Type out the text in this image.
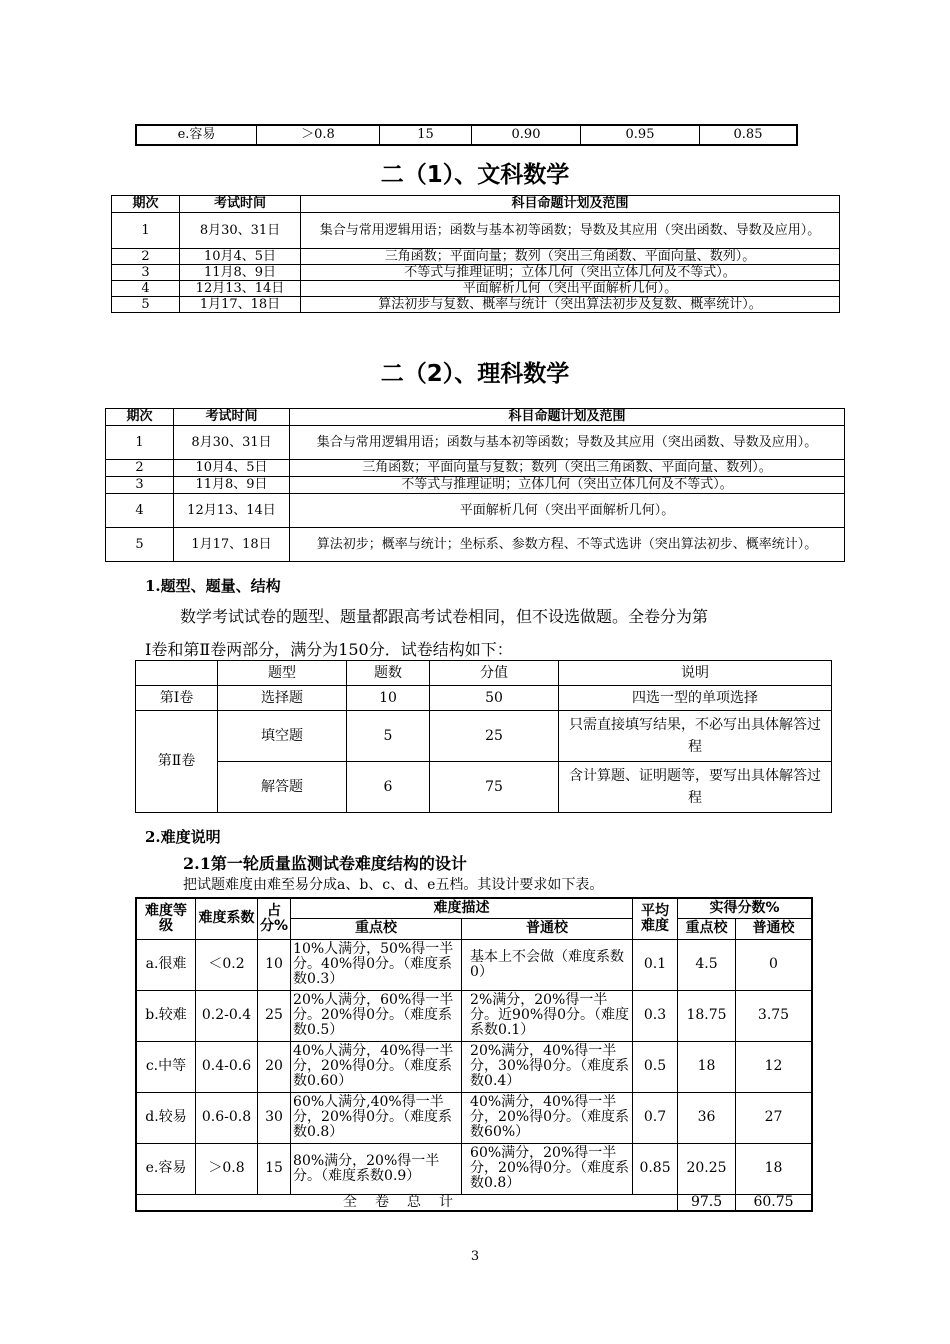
e.容易	＞0.8	15	0.90	0.95	0.85
二（1）、文科数学
期次	考试时间	科目命题计划及范围
1	8月30、31日	集合与常用逻辑用语；函数与基本初等函数；导数及其应用（突出函数、导数及应用）。
2	10月4、5日	三角函数；平面向量；数列（突出三角函数、平面向量、数列）。
3	11月8、9日	不等式与推理证明；立体几何（突出立体几何及不等式）。
4	12月13、14日	平面解析几何（突出平面解析几何）。
5	1月17、18日	算法初步与复数、概率与统计（突出算法初步及复数、概率统计）。
二（2）、理科数学
期次	考试时间	科目命题计划及范围
1	8月30、31日	集合与常用逻辑用语；函数与基本初等函数；导数及其应用（突出函数、导数及应用）。
2	10月4、5日	三角函数；平面向量与复数；数列（突出三角函数、平面向量、数列）。
3	11月8、9日	不等式与推理证明；立体几何（突出立体几何及不等式）。
4	12月13、14日	平面解析几何（突出平面解析几何）。
5	1月17、18日	算法初步；概率与统计；坐标系、参数方程、不等式选讲（突出算法初步、概率统计）。
1.题型、题量、结构
数学考试试卷的题型、题量都跟高考试卷相同，但不设选做题。全卷分为第
Ⅰ卷和第Ⅱ卷两部分，满分为150分．试卷结构如下：
	题型	题数	分值	说明
第Ⅰ卷	选择题	10	50	四选一型的单项选择
第Ⅱ卷	填空题	5	25	只需直接填写结果，不必写出具体解答过程
	解答题	6	75	含计算题、证明题等，要写出具体解答过程
2.难度说明
2.1第一轮质量监测试卷难度结构的设计
把试题难度由难至易分成a、b、c、d、e五档。其设计要求如下表。
难度等级	难度系数	占分%	难度描述		平均难度	实得分数%	
			重点校	普通校		重点校	普通校
a.很难	＜0.2	10	10%人满分，50%得一半分。40%得0分。（难度系数0.3）	基本上不会做（难度系数0）	0.1	4.5	0
b.较难	0.2-0.4	25	20%人满分，60%得一半分。20%得0分。（难度系数0.5）	2%满分，20%得一半分。近90%得0分。（难度系数0.1）	0.3	18.75	3.75
c.中等	0.4-0.6	20	40%人满分，40%得一半分，20%得0分。（难度系数0.60）	20%满分，40%得一半分，30%得0分。（难度系数0.4）	0.5	18	12
d.较易	0.6-0.8	30	60%人满分,40%得一半分，20%得0分。（难度系数0.8）	40%满分，40%得一半分，20%得0分。（难度系数60%）	0.7	36	27
e.容易	＞0.8	15	80%满分，20%得一半分。（难度系数0.9）	60%满分，20%得一半分，20%得0分。（难度系数0.8）	0.85	20.25	18
全卷总计						97.5	60.75
3
